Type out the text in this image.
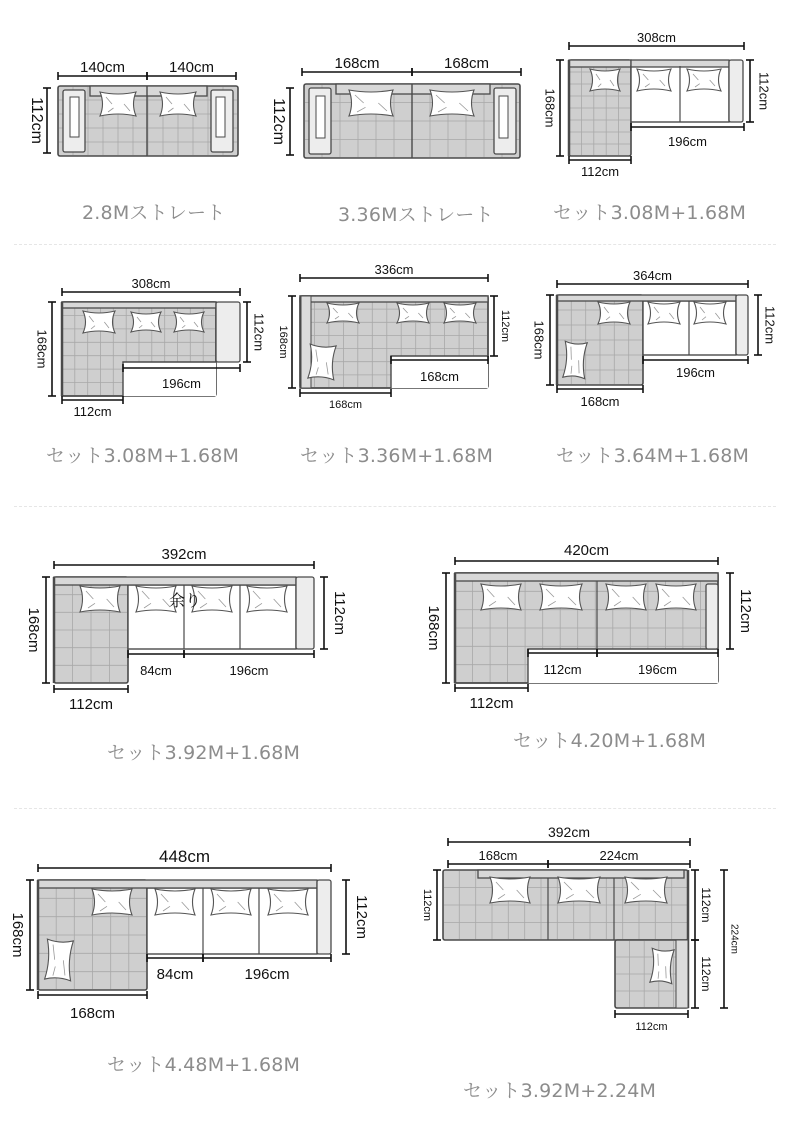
140cm	140cm
112cm
168cm	168cm
112cm
308cm
196cm
112cm
168cm	112cm
308cm
196cm
112cm
168cm	112cm
336cm
168cm
168cm
168cm	112cm
364cm
196cm
168cm
168cm	112cm
余り
392cm
84cm	196cm
112cm
168cm	112cm
420cm
112cm	196cm
112cm
168cm	112cm
448cm
84cm	196cm
168cm
168cm	112cm
392cm
168cm	224cm
112cm	112cm
112cm
224cm
112cm
2.8Mストレート	3.36Mストレート	セット3.08M+1.68M
セット3.08M+1.68M	セット3.36M+1.68M	セット3.64M+1.68M
セット3.92M+1.68M
セット4.20M+1.68M
セット4.48M+1.68M
セット3.92M+2.24M
